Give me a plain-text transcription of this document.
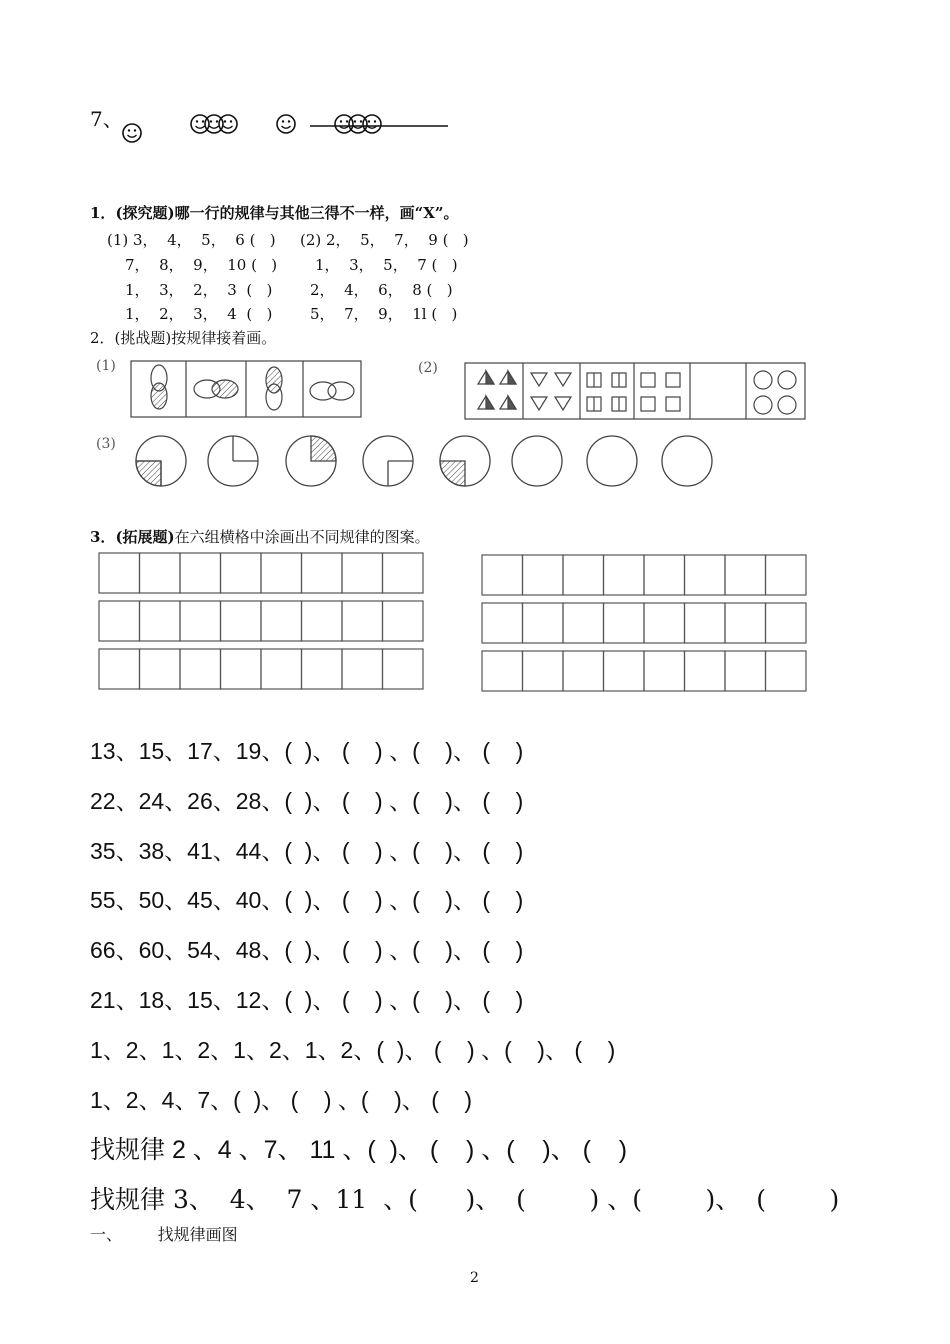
7、
1．(探究题)哪一行的规律与其他三得不一样，画“X”。
(1) 3，  4，  5，  6 (   )
7，  8，  9，  10 (   )
1，  3，  2，  3  (   )
1，  2，  3，  4  (   )
(2) 2，  5，  7，  9 (   )
1，  3，  5，  7 (   )
2，  4，  6，  8 (   )
5，  7，  9，  1l (   )
2．(挑战题)按规律接着画。
(1)	(2)
(3)
3．(拓展题)在六组横格中涂画出不同规律的图案。
13、15、17、19、(  )、 (    ) 、(    )、 (    )
22、24、26、28、(  )、 (    ) 、(    )、 (    )
35、38、41、44、(  )、 (    ) 、(    )、 (    )
55、50、45、40、(  )、 (    ) 、(    )、 (    )
66、60、54、48、(  )、 (    ) 、(    )、 (    )
21、18、15、12、(  )、 (    ) 、(    )、 (    )
1、2、1、2、1、2、1、2、(  )、 (    ) 、(    )、 (    )
1、2、4、7、(  )、 (    ) 、(    )、 (    )
找规律 2 、4 、7、 11 、(  )、 (    ) 、(    )、 (    )
找规律 3、  4、  7 、11  、(      )、  (        ) 、(        )、  (        )
一、       找规律画图
2
